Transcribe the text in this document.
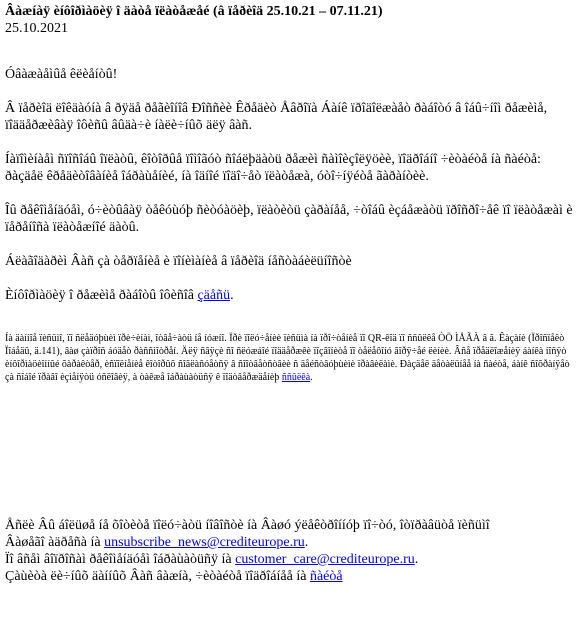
Âàæíàÿ èíôîðìàöèÿ î äàòå ïëàòåæåé (â ïåðèîä 25.10.21 – 07.11.21)

25.10.2021

Óâàæàåìûå êëèåíòû!

Â ïåðèîä ëîêäàóíà â ðÿäå ðåãèîíîâ Ðîññèè Êðåäèò Åâðîïà Áàíê ïðîäîëæàåò ðàáîòó â îáû÷íîì ðåæèìå, ïîääåðæèâàÿ îôèñû âûäà÷è íàëè÷íûõ äëÿ âàñ.

Íàïîìèíàåì ñïîñîáû îïëàòû, êîòîðûå ïîìîãóò ñîáëþäàòü ðåæèì ñàìîèçîëÿöèè, ïîäðîáíî ÷èòàéòå íà ñàéòå: ðàçäåë êðåäèòîâàíèå îáðàùåíèé, íà îäíîé ïîäî÷åò ïëàòåæà, óòî÷íÿéòå ãàðàíòèè.

Îû ðåêîìåíäóåì, ó÷èòûâàÿ òåêóùóþ ñèòóàöèþ, ïëàòèòü çàðàíåå, ÷òîáû èçáåæàòü ïðîñðî÷åê ïî ïëàòåæàì è ïåðåíîñà ïëàòåæíîé äàòû.

Áëàãîäàðèì Âàñ çà òåðïåíèå è ïîíèìàíèå â ïåðèîä íåñòàáèëüíîñòè

Èíôîðìàöèÿ î ðåæèìå ðàáîòû îôèñîâ çäåñü.

Íà äàííîå ïèñüìî, ïî ñëåäóþùèì ïðè÷èíàì, îòâå÷àòü íå íóæíî. Ïðè ïîëó÷åíèè ïèñüìà íà ïðî÷òåíèå ïî QR-êîä ïî ññûëêå ÒÖ ÌÅÃÀ â ã. Êàçàíè (Ïðîñïåêò Ïîáåäû, ä.141), âàø çàïðîñ áóäåò ðàññìîòðåí. Äëÿ ñâÿçè ñî ñëóæáîé ïîääåðæêè ïîçâîíèòå ïî òåëåôîíó ãîðÿ÷åé ëèíèè. Âñå ïðåäëîæåíèÿ áàíêà íîñÿò èíôîðìàöèîííûé õàðàêòåð, èñïîëíåíèå êîòîðûõ ñîãëàñóåòñÿ â ñîîòâåòñòâèè ñ äåéñòâóþùèìè ïðàâèëàìè. Ðàçäåë äåòàëüíåå íà ñàéòå, áàíê ñîõðàíÿåò çà ñîáîé ïðàâî èçìåíÿòü óñëîâèÿ, à òàêæå îáðàùàòüñÿ ê ïîäòâåðæäåíèþ ññûëêà.

Åñëè Âû áîëüøå íå õîòèòå ïîëó÷àòü íîâîñòè íà Âàøó ýëåêòðîííóþ ïî÷òó, îòïðàâüòå ïèñüìî

Âàøåãî àäðåñà íà unsubscribe_news@crediteurope.ru.

Ïî âñåì âîïðîñàì ðåêîìåíäóåì îáðàùàòüñÿ íà customer_care@crediteurope.ru.

Çàùèòà ëè÷íûõ äàííûõ Âàñ âàæíà, ÷èòàéòå ïîäðîáíåå íà ñàéòå
